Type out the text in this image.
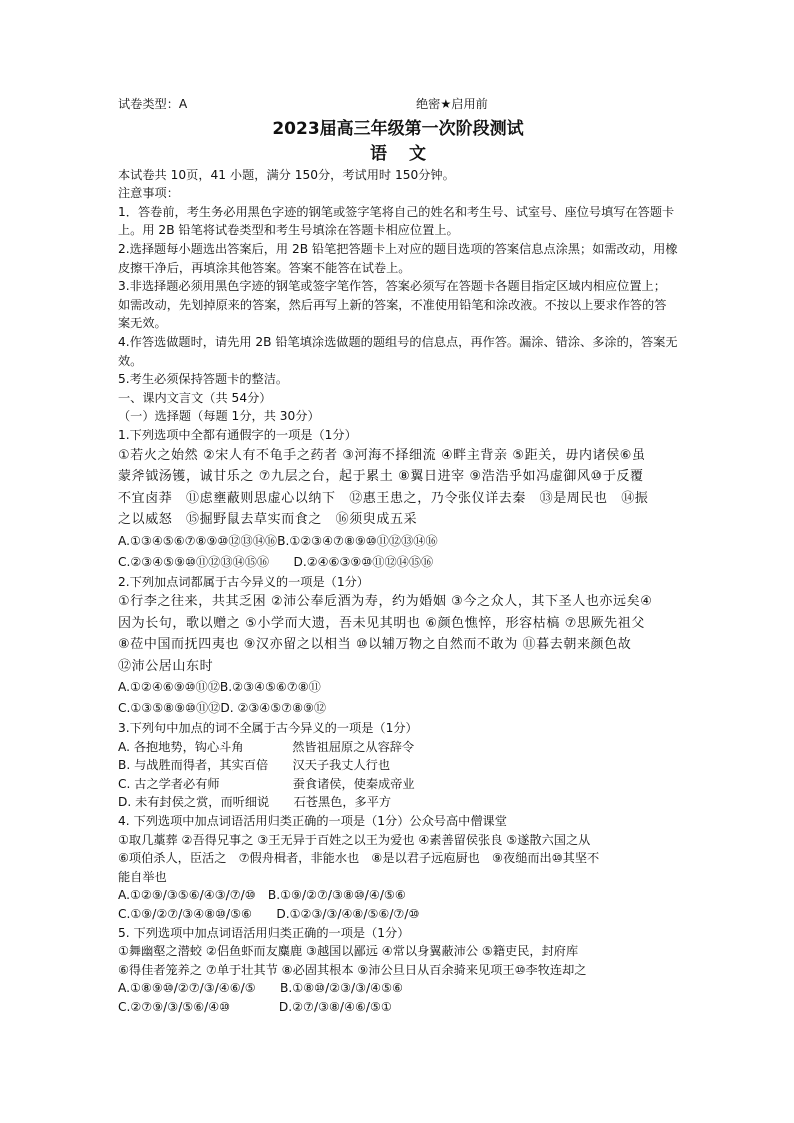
试卷类型：A	绝密★启用前
2023届高三年级第一次阶段测试
语文
本试卷共 10页，41 小题，满分 150分，考试用时 150分钟。
注意事项：
1．答卷前，考生务必用黑色字迹的钢笔或签字笔将自己的姓名和考生号、试室号、座位号填写在答题卡上。用 2B 铅笔将试卷类型和考生号填涂在答题卡相应位置上。
2.选择题每小题选出答案后，用 2B 铅笔把答题卡上对应的题目选项的答案信息点涂黑；如需改动，用橡皮擦干净后，再填涂其他答案。答案不能答在试卷上。
3.非选择题必须用黑色字迹的钢笔或签字笔作答，答案必须写在答题卡各题目指定区域内相应位置上；如需改动，先划掉原来的答案，然后再写上新的答案，不准使用铅笔和涂改液。不按以上要求作答的答案无效。
4.作答选做题时，请先用 2B 铅笔填涂选做题的题组号的信息点，再作答。漏涂、错涂、多涂的，答案无效。
5.考生必须保持答题卡的整洁。
一、课内文言文（共 54分）
（一）选择题（每题 1分，共 30分）
1.下列选项中全都有通假字的一项是（1分）
①若火之始然 ②宋人有不龟手之药者 ③河海不择细流 ④畔主背亲 ⑤距关，毋内诸侯⑥虽
蒙斧钺汤镬，诚甘乐之 ⑦九层之台，起于累土 ⑧翼日进宰 ⑨浩浩乎如冯虚御风⑩于反覆
不宜卤莽　⑪虑壅蔽则思虚心以纳下　⑫惠王患之，乃令张仪详去秦　⑬是周民也　⑭振
之以威怒　⑮掘野鼠去草实而食之　⑯须臾成五采
A.①③④⑤⑥⑦⑧⑨⑩⑫⑬⑭⑯B.①②③④⑦⑧⑨⑩⑪⑫⑬⑭⑯
C.②③④⑤⑨⑩⑪⑫⑬⑭⑮⑯　　D.②④⑥③⑨⑩⑪⑫⑭⑮⑯
2.下列加点词都属于古今异义的一项是（1分）
①行李之往来，共其乏困 ②沛公奉卮酒为寿，约为婚姻 ③今之众人，其下圣人也亦远矣④
因为长句，歌以赠之 ⑤小学而大遗，吾未见其明也 ⑥颜色憔悴，形容枯槁 ⑦思厥先祖父
⑧莅中国而抚四夷也 ⑨汉亦留之以相当 ⑩以辅万物之自然而不敢为 ⑪暮去朝来颜色故
⑫沛公居山东时
A.①②④⑥⑨⑩⑪⑫B.②③④⑤⑥⑦⑧⑪
C.①③⑤⑧⑨⑩⑪⑫D. ②③④⑤⑦⑧⑨⑫
3.下列句中加点的词不全属于古今异义的一项是（1分）
A. 各抱地势，钩心斗角　　　　然皆祖屈原之从容辞令
B. 与战胜而得者，其实百倍　　汉天子我丈人行也
C. 古之学者必有师　　　　　　蚕食诸侯，使秦成帝业
D. 未有封侯之赏，而听细说　　石苍黑色，多平方
4. 下列选项中加点词语活用归类正确的一项是（1分）公众号高中僧课堂
①取几藁葬 ②吾得兄事之 ③王无异于百姓之以王为爱也 ④素善留侯张良 ⑤遂散六国之从
⑥项伯杀人，臣活之　⑦假舟楫者，非能水也　⑧是以君子远庖厨也　⑨夜缒而出⑩其坚不
能自举也
A.①②⑨/③⑤⑥/④③/⑦/⑩　B.①⑨/②⑦/③⑧⑩/④/⑤⑥
C.①⑨/②⑦/③④⑧⑩/⑤⑥　　D.①②③/③/④⑧/⑤⑥/⑦/⑩
5. 下列选项中加点词语活用归类正确的一项是（1分）
①舞幽壑之潜蛟 ②侣鱼虾而友麋鹿 ③越国以鄙远 ④常以身翼蔽沛公 ⑤籍吏民，封府库
⑥得佳者笼养之 ⑦单于壮其节 ⑧必固其根本 ⑨沛公旦日从百余骑来见项王⑩李牧连却之
A.①⑧⑨⑩/②⑦/③/④⑥/⑤　　B.①⑧⑩/②③/③/④⑤⑥
C.②⑦⑨/③/⑤⑥/④⑩　　　　D.②⑦/③⑧/④⑥/⑤①
